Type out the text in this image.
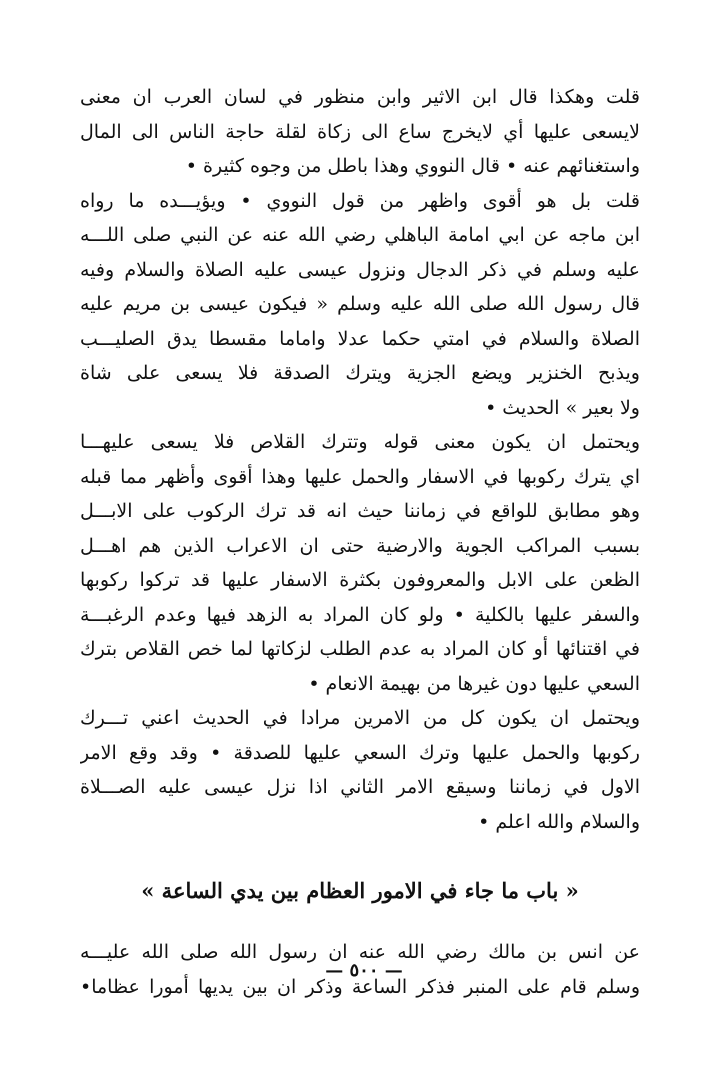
قلت وهكذا قال ابن الاثير وابن منظور في لسان العرب ان معنى
لايسعى عليها أي لايخرج ساع الى زكاة لقلة حاجة الناس الى المال
واستغنائهم عنه • قال النووي وهذا باطل من وجوه كثيرة •
قلت بل هو أقوى واظهر من قول النووي • ويؤيـــده ما رواه
ابن ماجه عن ابي امامة الباهلي رضي الله عنه عن النبي صلى اللـــه
عليه وسلم في ذكر الدجال ونزول عيسى عليه الصلاة والسلام وفيه
قال رسول الله صلى الله عليه وسلم « فيكون عيسى بن مريم عليه
الصلاة والسلام في امتي حكما عدلا واماما مقسطا يدق الصليـــب
ويذبح الخنزير ويضع الجزية ويترك الصدقة فلا يسعى على شاة
ولا بعير » الحديث •
ويحتمل ان يكون معنى قوله وتترك القلاص فلا يسعى عليهـــا
اي يترك ركوبها في الاسفار والحمل عليها وهذا أقوى وأظهر مما قبله
وهو مطابق للواقع في زماننا حيث انه قد ترك الركوب على الابـــل
بسبب المراكب الجوية والارضية حتى ان الاعراب الذين هم اهـــل
الظعن على الابل والمعروفون بكثرة الاسفار عليها قد تركوا ركوبها
والسفر عليها بالكلية • ولو كان المراد به الزهد فيها وعدم الرغبـــة
في اقتنائها أو كان المراد به عدم الطلب لزكاتها لما خص القلاص بترك
السعي عليها دون غيرها من بهيمة الانعام •
ويحتمل ان يكون كل من الامرين مرادا في الحديث اعني تـــرك
ركوبها والحمل عليها وترك السعي عليها للصدقة • وقد وقع الامر
الاول في زماننا وسيقع الامر الثاني اذا نزل عيسى عليه الصـــلاة
والسلام والله اعلم •
« باب ما جاء في الامور العظام بين يدي الساعة »
عن انس بن مالك رضي الله عنه ان رسول الله صلى الله عليـــه
وسلم قام على المنبر فذكر الساعة وذكر ان بين يديها أمورا عظاما•
— ٥٠٠ —
